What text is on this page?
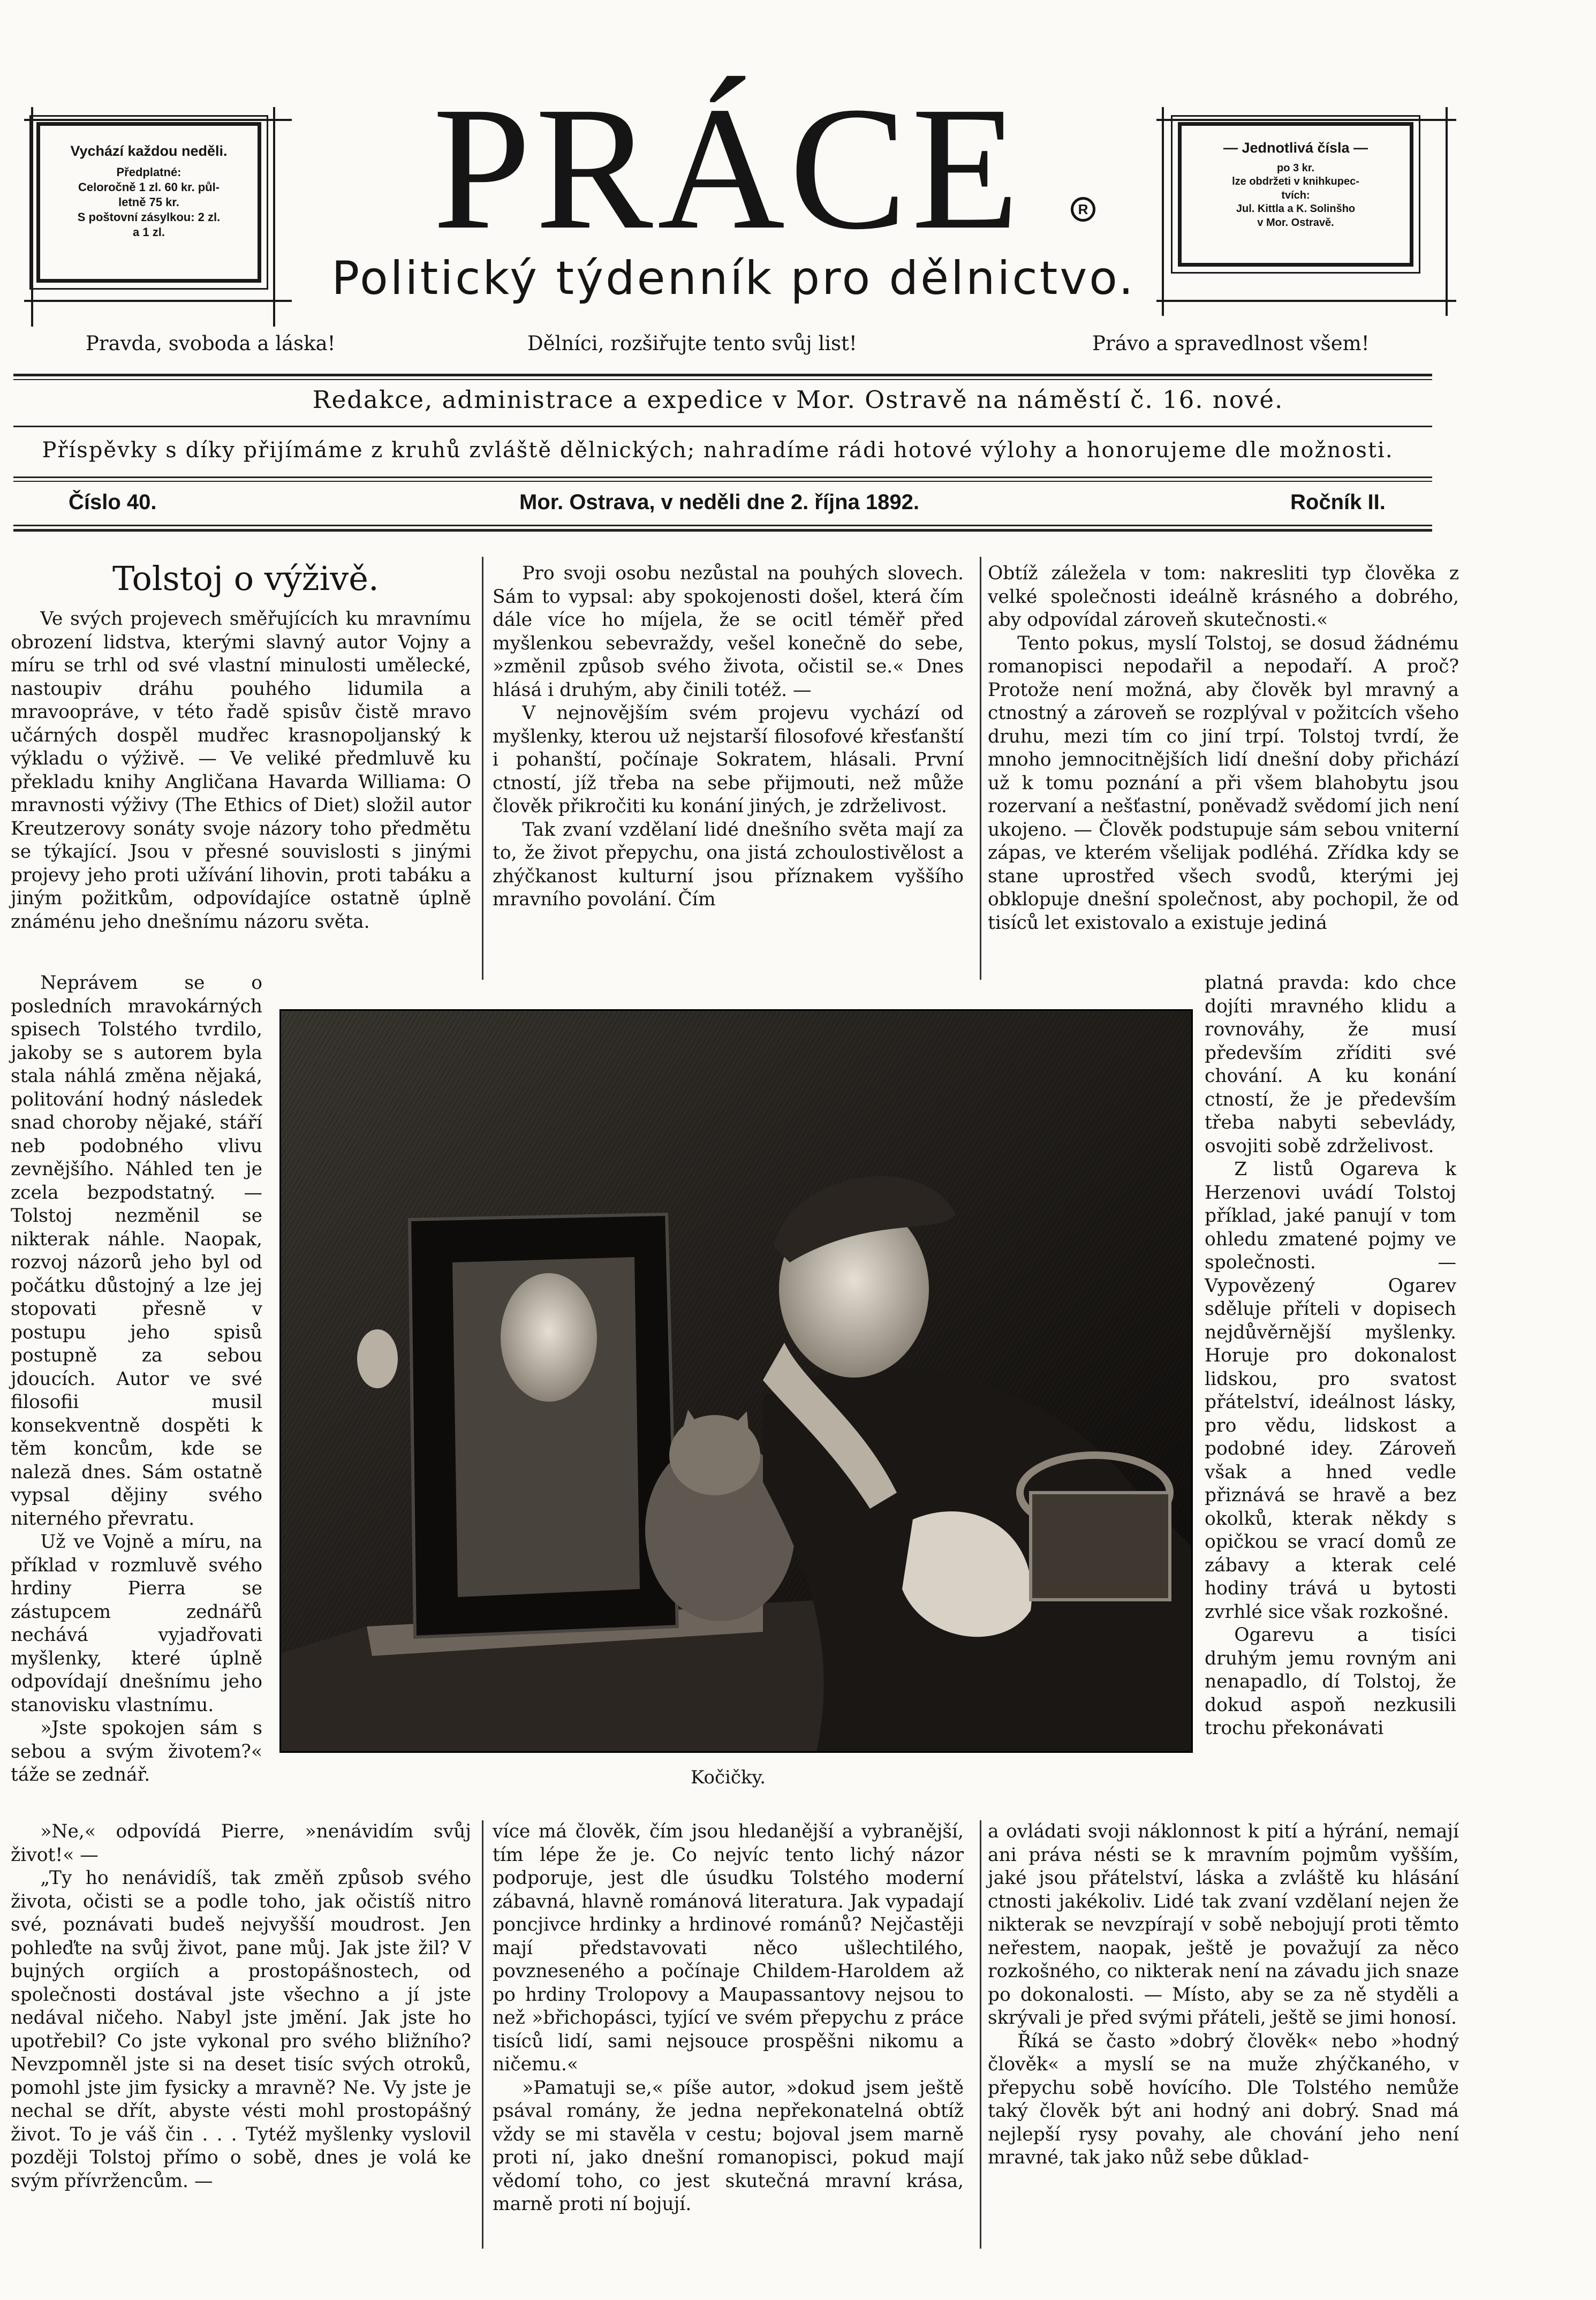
Vychází každou neděli.

Předplatné:

Celoročně 1 zl. 60 kr. půl-

letně 75 kr.

S poštovní zásylkou: 2 zl.

a 1 zl.

— Jednotlivá čísla —

po 3 kr.

lze obdržeti v knihkupec-

tvích:

Jul. Kittla a K. Solinšho

v Mor. Ostravě.

PRÁCE	R
Politický týdenník pro dělnictvo.
Pravda, svoboda a láska!	Dělníci, rozšiřujte tento svůj list!	Právo a spravedlnost všem!
Redakce, administrace a expedice v Mor. Ostravě na náměstí č. 16. nové.
Příspěvky s díky přijímáme z kruhů zvláště dělnických; nahradíme rádi hotové výlohy a honorujeme dle možnosti.
Číslo 40.	Mor. Ostrava, v neděli dne 2. října 1892.	Ročník II.
Tolstoj o výživě.

Ve svých projevech směřujících ku mravnímu obrození lidstva, kterými slavný autor Vojny a míru se trhl od své vlastní minulosti umělecké, nastoupiv dráhu pouhého lidumila a mravoopráve, v této řadě spisův čistě mravo učárných dospěl mudřec krasnopoljanský k výkladu o výživě. — Ve veliké předmluvě ku překladu knihy Angličana Havarda Williama: O mravnosti výživy (The Ethics of Diet) složil autor Kreutzerovy sonáty svoje názory toho předmětu se týkající. Jsou v přesné souvislosti s jinými projevy jeho proti užívání lihovin, proti tabáku a jiným požitkům, odpovídajíce ostatně úplně známénu jeho dnešnímu názoru světa.

Neprávem se o posledních mravokárných spisech Tolstého tvrdilo, jakoby se s autorem byla stala náhlá změna nějaká, politování hodný následek snad choroby nějaké, stáří neb podobného vlivu zevnějšího. Náhled ten je zcela bezpodstatný. — Tolstoj nezměnil se nikterak náhle. Naopak, rozvoj názorů jeho byl od počátku důstojný a lze jej stopovati přesně v postupu jeho spisů postupně za sebou jdoucích. Autor ve své filosofii musil konsekventně dospěti k těm koncům, kde se naleză dnes. Sám ostatně vypsal dějiny svého niterného převratu.

Už ve Vojně a míru, na příklad v rozmluvě svého hrdiny Pierra se zástupcem zednářů nechává vyjadřovati myšlenky, které úplně odpovídají dnešnímu jeho stanovisku vlastnímu.

»Jste spokojen sám s sebou a svým životem?« táže se zednář.

»Ne,« odpovídá Pierre, »nenávidím svůj život!« —

„Ty ho nenávidíš, tak změň způsob svého života, očisti se a podle toho, jak očistíš nitro své, poznávati budeš nejvyšší moudrost. Jen pohleďte na svůj život, pane můj. Jak jste žil? V bujných orgiích a prostopášnostech, od společnosti dostával jste všechno a jí jste nedával ničeho. Nabyl jste jmění. Jak jste ho upotřebil? Co jste vykonal pro svého bližního? Nevzpomněl jste si na deset tisíc svých otroků, pomohl jste jim fysicky a mravně? Ne. Vy jste je nechal se dřít, abyste vésti mohl prostopášný život. To je váš čin . . . Tytéž myšlenky vyslovil později Tolstoj přímo o sobě, dnes je volá ke svým přívržencům. —

Pro svoji osobu nezůstal na pouhých slovech. Sám to vypsal: aby spokojenosti došel, která čím dále více ho míjela, že se ocitl téměř před myšlenkou sebevraždy, vešel konečně do sebe, »změnil způsob svého života, očistil se.« Dnes hlásá i druhým, aby činili totéž. —

V nejnovějším svém projevu vychází od myšlenky, kterou už nejstarší filosofové křesťanští i pohanští, počínaje Sokratem, hlásali. První ctností, jíž třeba na sebe přijmouti, než může člověk přikročiti ku konání jiných, je zdrželivost.

Tak zvaní vzdělaní lidé dnešního světa mají za to, že život přepychu, ona jistá zchoulostivělost a zhýčkanost kulturní jsou příznakem vyššího mravního povolání. Čím

více má člověk, čím jsou hledanější a vybranější, tím lépe že je. Co nejvíc tento lichý názor podporuje, jest dle úsudku Tolstého moderní zábavná, hlavně románová literatura. Jak vypadají poncjivce hrdinky a hrdinové románů? Nejčastěji mají představovati něco ušlechtilého, povzneseného a počínaje Childem-Haroldem až po hrdiny Trolopovy a Maupassantovy nejsou to než »břichopásci, tyjící ve svém přepychu z práce tisíců lidí, sami nejsouce prospěšni nikomu a ničemu.«

»Pamatuji se,« píše autor, »dokud jsem ještě psával romány, že jedna nepřekonatelná obtíž vždy se mi stavěla v cestu; bojoval jsem marně proti ní, jako dnešní romanopisci, pokud mají vědomí toho, co jest skutečná mravní krása, marně proti ní bojují.

Obtíž záležela v tom: nakresliti typ člověka z velké společnosti ideálně krásného a dobrého, aby odpovídal zároveň skutečnosti.«

Tento pokus, myslí Tolstoj, se dosud žádnému romanopisci nepodařil a nepodaří. A proč? Protože není možná, aby člověk byl mravný a ctnostný a zároveň se rozplýval v požitcích všeho druhu, mezi tím co jiní trpí. Tolstoj tvrdí, že mnoho jemnocitnějších lidí dnešní doby přichází už k tomu poznání a při všem blahobytu jsou rozervaní a nešťastní, poněvadž svědomí jich není ukojeno. — Člověk podstupuje sám sebou vniterní zápas, ve kterém všelijak podléhá. Zřídka kdy se stane uprostřed všech svodů, kterými jej obklopuje dnešní společnost, aby pochopil, že od tisíců let existovalo a existuje jediná

platná pravda: kdo chce dojíti mravného klidu a rovnováhy, že musí především zříditi své chování. A ku konání ctností, že je především třeba nabyti sebevlády, osvojiti sobě zdrželivost.

Z listů Ogareva k Herzenovi uvádí Tolstoj příklad, jaké panují v tom ohledu zmatené pojmy ve společnosti. — Vypovězený Ogarev sděluje příteli v dopisech nejdůvěrnější myšlenky. Horuje pro dokonalost lidskou, pro svatost přátelství, ideálnost lásky, pro vědu, lidskost a podobné idey. Zároveň však a hned vedle přiznává se hravě a bez okolků, kterak někdy s opičkou se vrací domů ze zábavy a kterak celé hodiny trává u bytosti zvrhlé sice však rozkošné.

Ogarevu a tisíci druhým jemu rovným ani nenapadlo, dí Tolstoj, že dokud aspoň nezkusili trochu překonávati

a ovládati svoji náklonnost k pití a hýrání, nemají ani práva nésti se k mravním pojmům vyšším, jaké jsou přátelství, láska a zvláště ku hlásání ctnosti jakékoliv. Lidé tak zvaní vzdělaní nejen že nikterak se nevzpírají v sobě nebojují proti těmto neřestem, naopak, ještě je považují za něco rozkošného, co nikterak není na závadu jich snaze po dokonalosti. — Místo, aby se za ně styděli a skrývali je před svými přáteli, ještě se jimi honosí.

Říká se často »dobrý člověk« nebo »hodný člověk« a myslí se na muže zhýčkaného, v přepychu sobě hovícího. Dle Tolstého nemůže taký člověk být ani hodný ani dobrý. Snad má nejlepší rysy povahy, ale chování jeho není mravné, tak jako nůž sebe důklad-

Kočičky.
